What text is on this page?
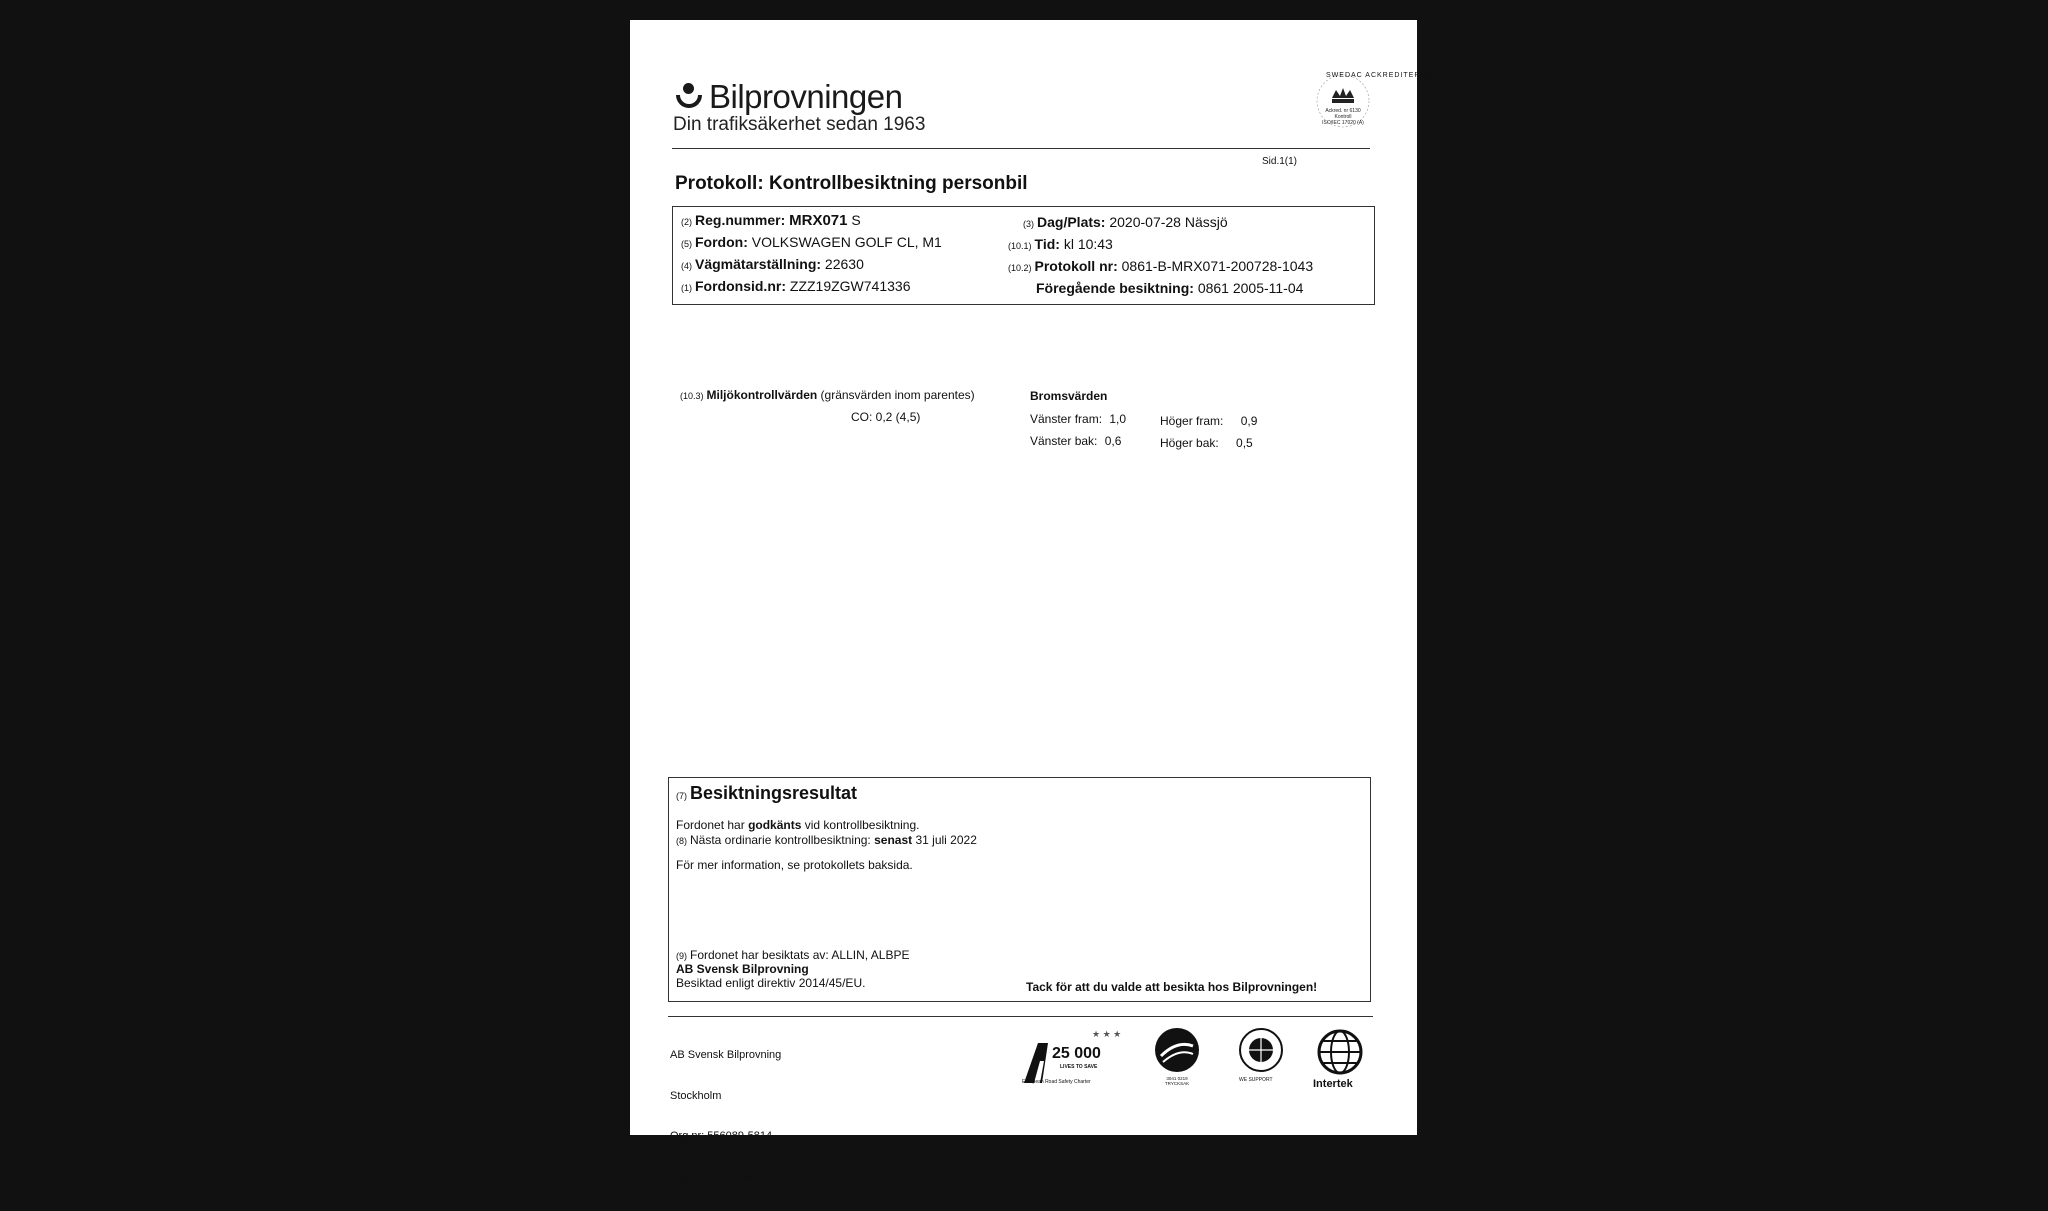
Bilprovningen
Din trafiksäkerhet sedan 1963
SWEDAC ACKREDITERING
Ackred. nr 6130
Kontroll
ISO/IEC 17020 (A)
Sid.1(1)
Protokoll: Kontrollbesiktning personbil
(2) Reg.nummer: MRX071 S
(5) Fordon: VOLKSWAGEN GOLF CL, M1
(4) Vägmätarställning: 22630
(1) Fordonsid.nr: ZZZ19ZGW741336
(3) Dag/Plats: 2020-07-28 Nässjö
(10.1) Tid: kl 10:43
(10.2) Protokoll nr: 0861-B-MRX071-200728-1043
Föregående besiktning: 0861 2005-11-04
(10.3) Miljökontrollvärden (gränsvärden inom parentes)
CO: 0,2 (4,5)
Bromsvärden
Vänster fram: 1,0	Höger fram: 0,9
Vänster bak: 0,6	Höger bak: 0,5
(7) Besiktningsresultat
Fordonet har godkänts vid kontrollbesiktning.
(8) Nästa ordinarie kontrollbesiktning: senast 31 juli 2022
För mer information, se protokollets baksida.
(9) Fordonet har besiktats av: ALLIN, ALBPE
AB Svensk Bilprovning
Besiktad enligt direktiv 2014/45/EU.	Tack för att du valde att besikta hos Bilprovningen!

AB Svensk Bilprovning

Stockholm

Org.nr: 556089-5814

Telefon: 0771-600 600

★ ★ ★
25 000
LIVES TO SAVE
European Road Safety Charter
3041 0219 TRYCKSAK
WE SUPPORT	Intertek
